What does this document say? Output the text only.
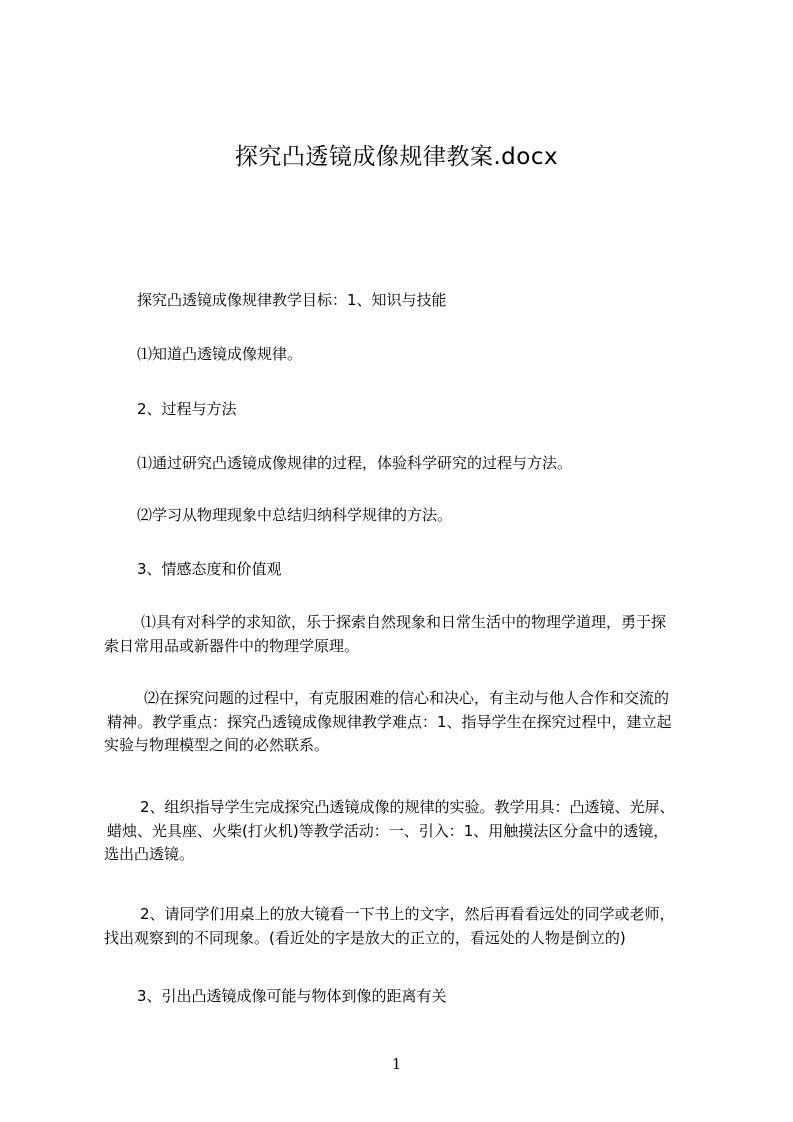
探究凸透镜成像规律教案.docx
探究凸透镜成像规律教学目标：1、知识与技能
⑴知道凸透镜成像规律。
2、过程与方法
⑴通过研究凸透镜成像规律的过程，体验科学研究的过程与方法。
⑵学习从物理现象中总结归纳科学规律的方法。
3、情感态度和价值观
⑴具有对科学的求知欲，乐于探索自然现象和日常生活中的物理学道理，勇于探
索日常用品或新器件中的物理学原理。
⑵在探究问题的过程中，有克服困难的信心和决心，有主动与他人合作和交流的
精神。教学重点：探究凸透镜成像规律教学难点：1、指导学生在探究过程中，建立起
实验与物理模型之间的必然联系。
2、组织指导学生完成探究凸透镜成像的规律的实验。教学用具：凸透镜、光屏、
蜡烛、光具座、火柴(打火机)等教学活动：一、引入：1、用触摸法区分盒中的透镜，
选出凸透镜。
2、请同学们用桌上的放大镜看一下书上的文字，然后再看看远处的同学或老师，
找出观察到的不同现象。(看近处的字是放大的正立的，看远处的人物是倒立的)
3、引出凸透镜成像可能与物体到像的距离有关
1
